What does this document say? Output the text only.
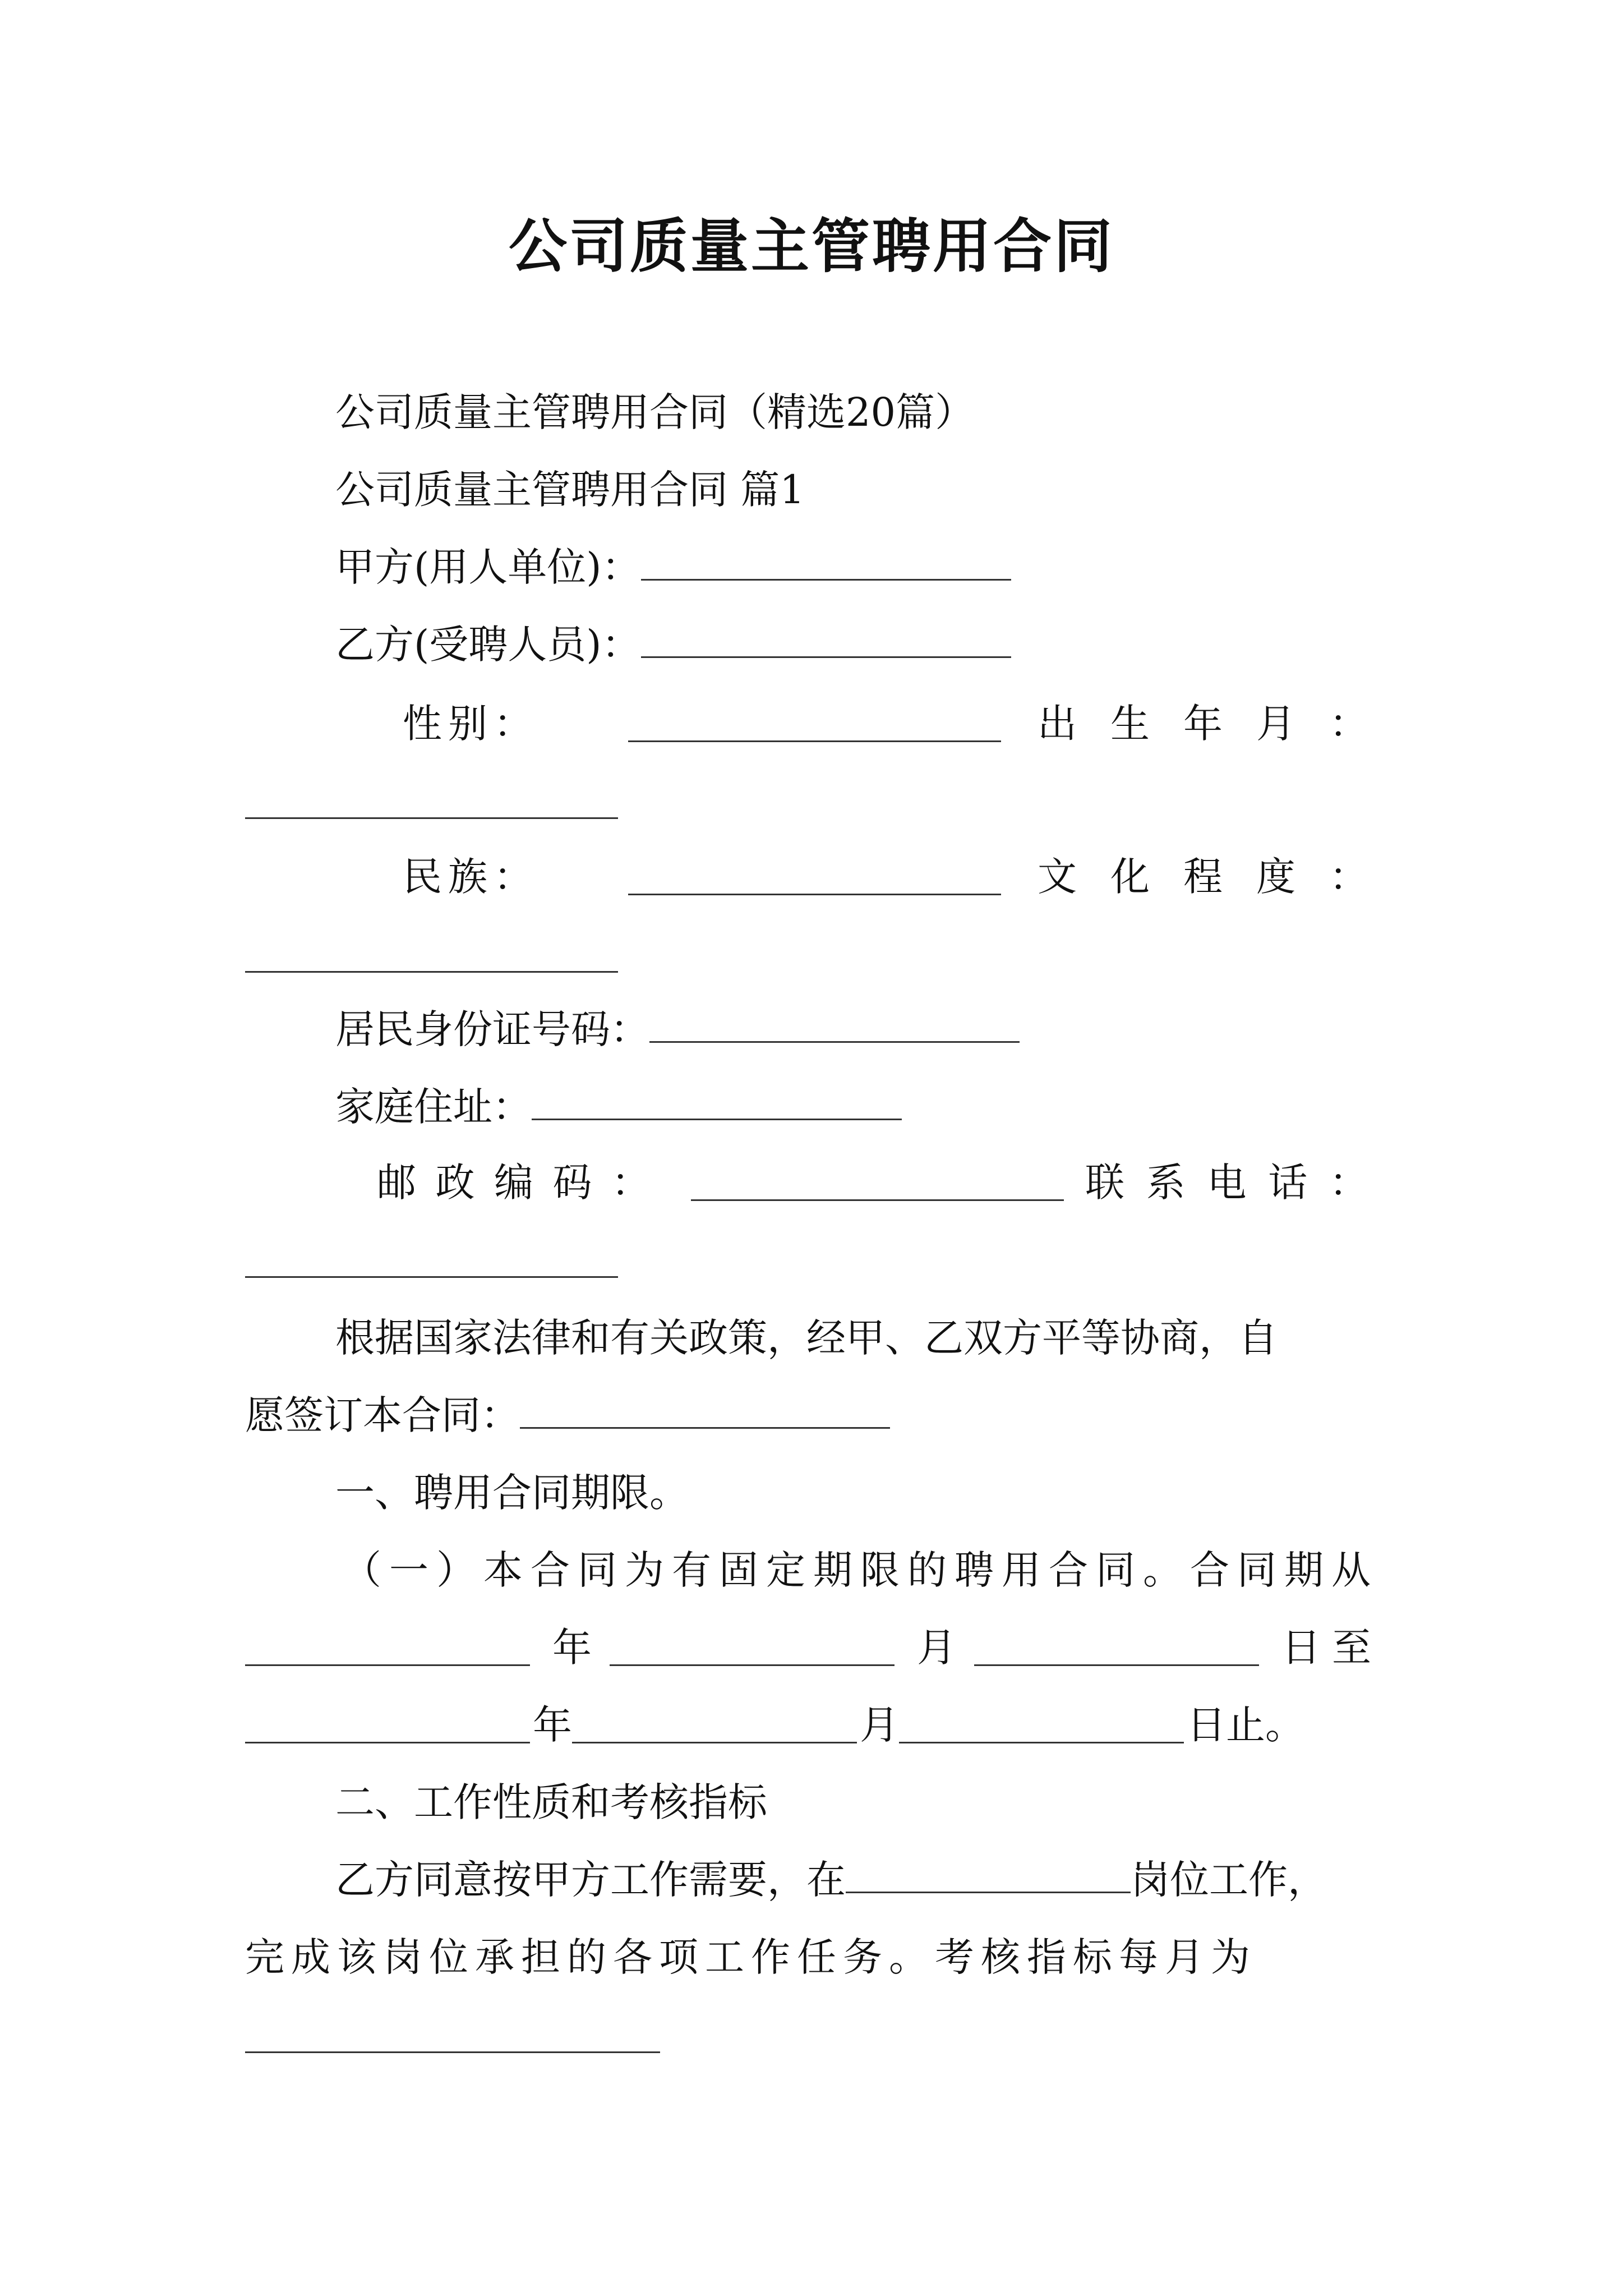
公司质量主管聘用合同
公司质量主管聘用合同（精选20篇）
公司质量主管聘用合同 篇1
甲方(用人单位)：
乙方(受聘人员)：
性 别 ：	出 生 年 月 ：
民 族 ：	文 化 程 度 ：
居民身份证号码：
家庭住址：
邮 政 编 码 ：	联 系 电 话 ：
根据国家法律和有关政策，经甲、乙双方平等协商，自
愿签订本合同：
一、聘用合同期限。
（一）本合同为有固定期限的聘用合同。合同期从
年	月	日至
年	月	日止。
二、工作性质和考核指标
乙方同意按甲方工作需要，在	岗位工作，
完成该岗位承担的各项工作任务。考核指标每月为
